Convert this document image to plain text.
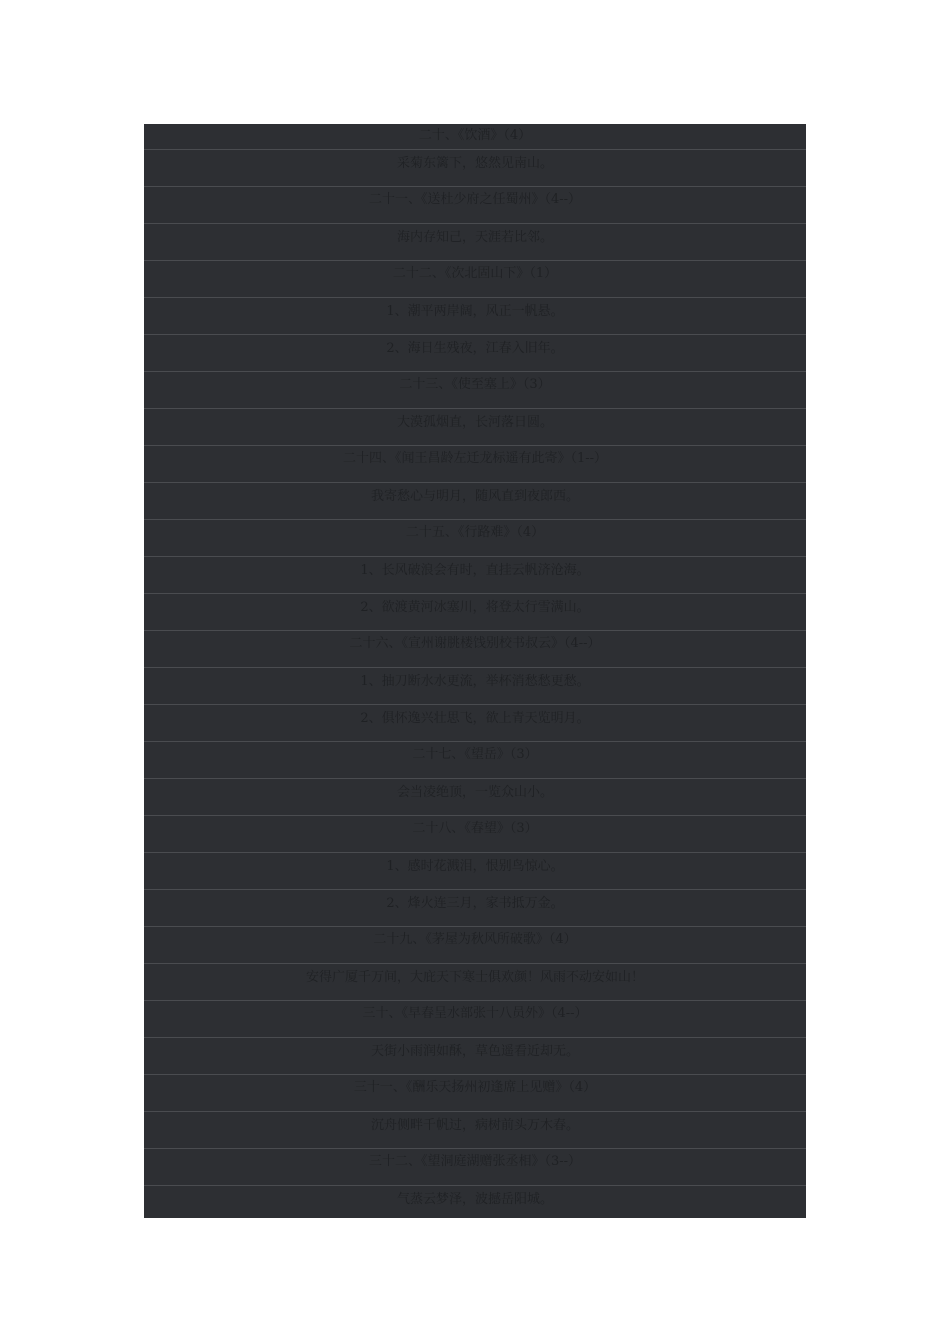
二十、《饮酒》（4）
采菊东篱下，悠然见南山。
二十一、《送杜少府之任蜀州》（4--）
海内存知己，天涯若比邻。
二十二、《次北固山下》（1）
1、潮平两岸阔，风正一帆悬。
2、海日生残夜，江春入旧年。
二十三、《使至塞上》（3）
大漠孤烟直，长河落日圆。
二十四、《闻王昌龄左迁龙标遥有此寄》（1--）
我寄愁心与明月，随风直到夜郎西。
二十五、《行路难》（4）
1、长风破浪会有时，直挂云帆济沧海。
2、欲渡黄河冰塞川，将登太行雪满山。
二十六、《宣州谢朓楼饯别校书叔云》（4--）
1、抽刀断水水更流，举杯消愁愁更愁。
2、俱怀逸兴壮思飞，欲上青天览明月。
二十七、《望岳》（3）
会当凌绝顶，一览众山小。
二十八、《春望》（3）
1、感时花溅泪，恨别鸟惊心。
2、烽火连三月，家书抵万金。
二十九、《茅屋为秋风所破歌》（4）
安得广厦千万间，大庇天下寒士俱欢颜！风雨不动安如山！
三十、《早春呈水部张十八员外》（4--）
天街小雨润如酥，草色遥看近却无。
三十一、《酬乐天扬州初逢席上见赠》（4）
沉舟侧畔千帆过，病树前头万木春。
三十二、《望洞庭湖赠张丞相》（3--）
气蒸云梦泽，波撼岳阳城。
